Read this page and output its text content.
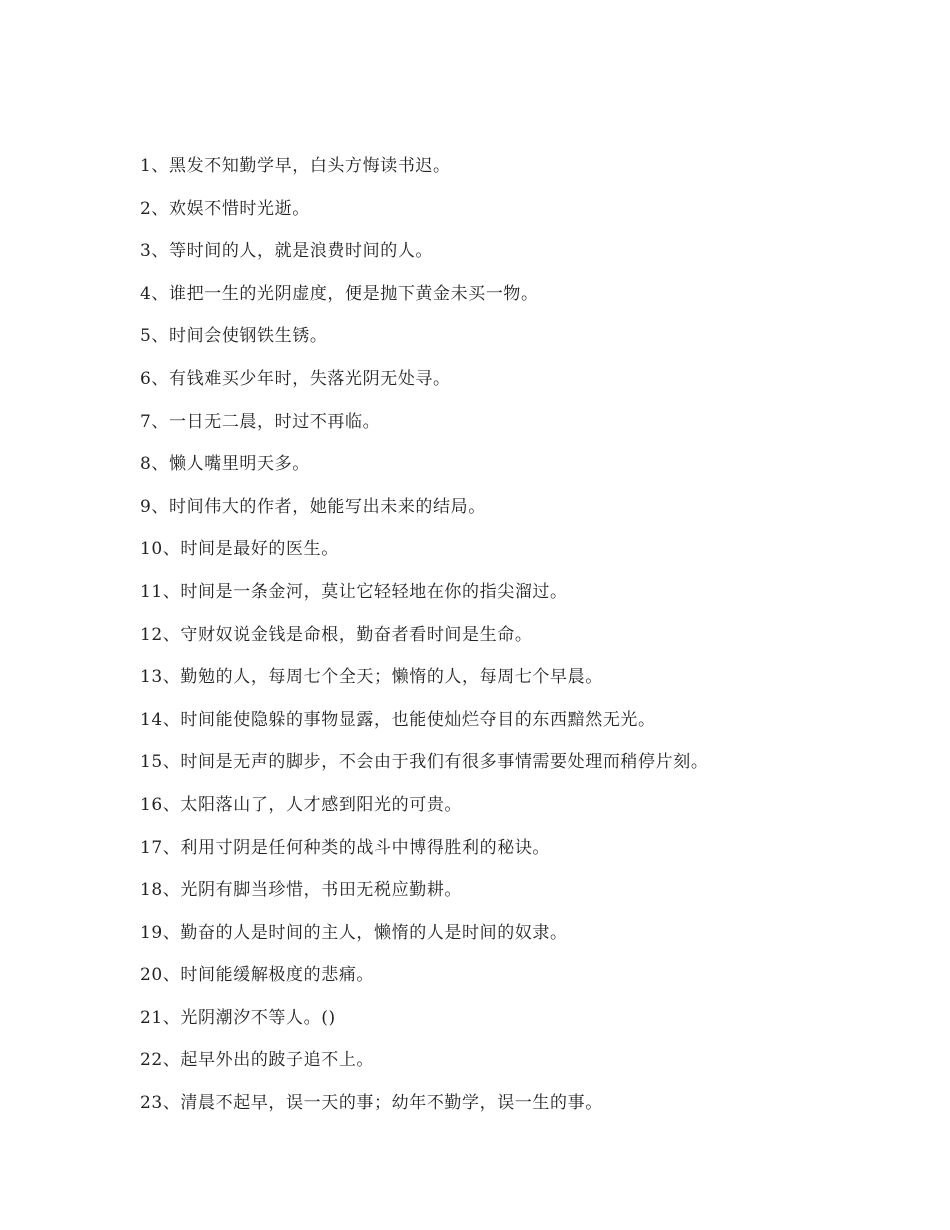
1、黑发不知勤学早，白头方悔读书迟。
2、欢娱不惜时光逝。
3、等时间的人，就是浪费时间的人。
4、谁把一生的光阴虚度，便是抛下黄金未买一物。
5、时间会使钢铁生锈。
6、有钱难买少年时，失落光阴无处寻。
7、一日无二晨，时过不再临。
8、懒人嘴里明天多。
9、时间伟大的作者，她能写出未来的结局。
10、时间是最好的医生。
11、时间是一条金河，莫让它轻轻地在你的指尖溜过。
12、守财奴说金钱是命根，勤奋者看时间是生命。
13、勤勉的人，每周七个全天；懒惰的人，每周七个早晨。
14、时间能使隐躲的事物显露，也能使灿烂夺目的东西黯然无光。
15、时间是无声的脚步，不会由于我们有很多事情需要处理而稍停片刻。
16、太阳落山了，人才感到阳光的可贵。
17、利用寸阴是任何种类的战斗中博得胜利的秘诀。
18、光阴有脚当珍惜，书田无税应勤耕。
19、勤奋的人是时间的主人，懒惰的人是时间的奴隶。
20、时间能缓解极度的悲痛。
21、光阴潮汐不等人。()
22、起早外出的跛子追不上。
23、清晨不起早，误一天的事；幼年不勤学，误一生的事。
